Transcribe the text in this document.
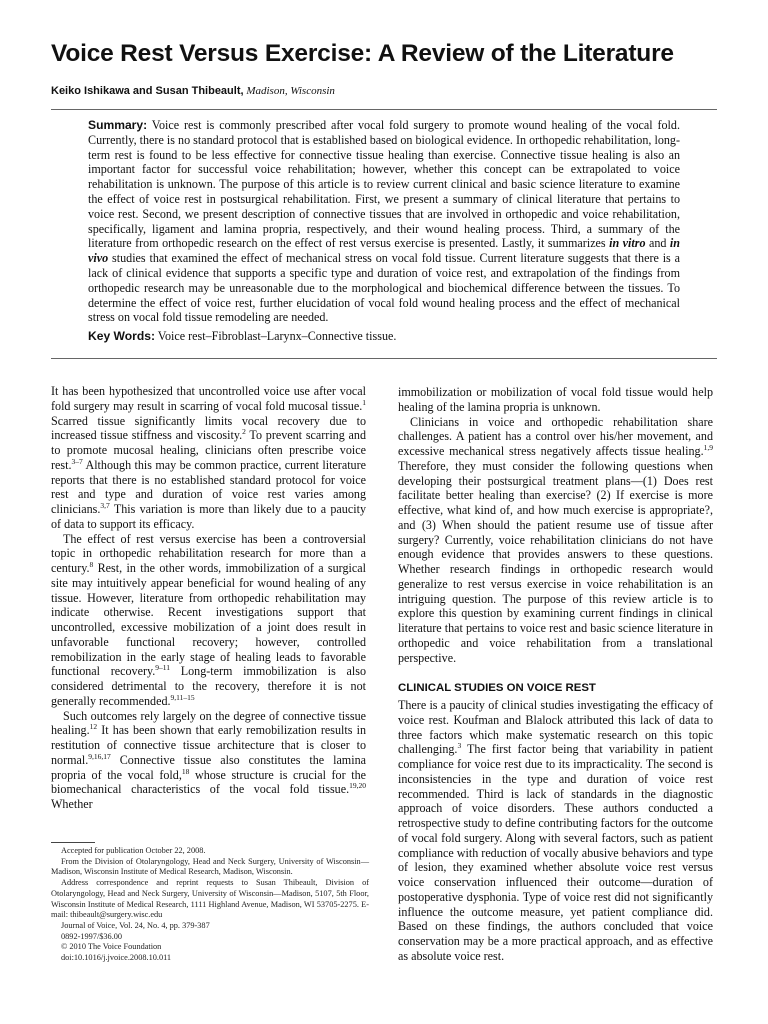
Voice Rest Versus Exercise: A Review of the Literature
Keiko Ishikawa and Susan Thibeault, Madison, Wisconsin
Summary: Voice rest is commonly prescribed after vocal fold surgery to promote wound healing of the vocal fold. Currently, there is no standard protocol that is established based on biological evidence. In orthopedic rehabilitation, long-term rest is found to be less effective for connective tissue healing than exercise. Connective tissue healing is also an important factor for successful voice rehabilitation; however, whether this concept can be extrapolated to voice rehabilitation is unknown. The purpose of this article is to review current clinical and basic science literature to examine the effect of voice rest in postsurgical rehabilitation. First, we present a summary of clinical literature that pertains to voice rest. Second, we present description of connective tissues that are involved in orthopedic and voice rehabilitation, specifically, ligament and lamina propria, respectively, and their wound healing process. Third, a summary of the literature from orthopedic research on the effect of rest versus exercise is presented. Lastly, it summarizes in vitro and in vivo studies that examined the effect of mechanical stress on vocal fold tissue. Current literature suggests that there is a lack of clinical evidence that supports a specific type and duration of voice rest, and extrapolation of the findings from orthopedic research may be unreasonable due to the morphological and biochemical difference between the tissues. To determine the effect of voice rest, further elucidation of vocal fold wound healing process and the effect of mechanical stress on vocal fold tissue remodeling are needed.
Key Words: Voice rest–Fibroblast–Larynx–Connective tissue.

It has been hypothesized that uncontrolled voice use after vocal fold surgery may result in scarring of vocal fold mucosal tissue.$^1$ Scarred tissue significantly limits vocal recovery due to increased tissue stiffness and viscosity.$^2$ To prevent scarring and to promote mucosal healing, clinicians often prescribe voice rest.$^{3-7}$ Although this may be common practice, current literature reports that there is no established standard protocol for voice rest and type and duration of voice rest varies among clinicians.$^{3,7}$ This variation is more than likely due to a paucity of data to support its efficacy.

The effect of rest versus exercise has been a controversial topic in orthopedic rehabilitation research for more than a century.$^8$ Rest, in the other words, immobilization of a surgical site may intuitively appear beneficial for wound healing of any tissue. However, literature from orthopedic rehabilitation may indicate otherwise. Recent investigations support that uncontrolled, excessive mobilization of a joint does result in unfavorable functional recovery; however, controlled remobilization in the early stage of healing leads to favorable functional recovery.$^{9-11}$ Long-term immobilization is also considered detrimental to the recovery, therefore it is not generally recommended.$^{9,11-15}$

Such outcomes rely largely on the degree of connective tissue healing.$^{12}$ It has been shown that early remobilization results in restitution of connective tissue architecture that is closer to normal.$^{9,16,17}$ Connective tissue also constitutes the lamina propria of the vocal fold,$^{18}$ whose structure is crucial for the biomechanical characteristics of the vocal fold tissue.$^{19,20}$ Whether

Accepted for publication October 22, 2008.
From the Division of Otolaryngology, Head and Neck Surgery, University of Wisconsin—Madison, Wisconsin Institute of Medical Research, Madison, Wisconsin.
Address correspondence and reprint requests to Susan Thibeault, Division of Otolaryngology, Head and Neck Surgery, University of Wisconsin—Madison, 5107, 5th Floor, Wisconsin Institute of Medical Research, 1111 Highland Avenue, Madison, WI 53705-2275. E-mail: thibeault@surgery.wisc.edu
Journal of Voice, Vol. 24, No. 4, pp. 379-387
0892-1997/$36.00
© 2010 The Voice Foundation
doi:10.1016/j.jvoice.2008.10.011

immobilization or mobilization of vocal fold tissue would help healing of the lamina propria is unknown.

Clinicians in voice and orthopedic rehabilitation share challenges. A patient has a control over his/her movement, and excessive mechanical stress negatively affects tissue healing.$^{1,9}$ Therefore, they must consider the following questions when developing their postsurgical treatment plans—(1) Does rest facilitate better healing than exercise? (2) If exercise is more effective, what kind of, and how much exercise is appropriate?, and (3) When should the patient resume use of tissue after surgery? Currently, voice rehabilitation clinicians do not have enough evidence that provides answers to these questions. Whether research findings in orthopedic research would generalize to rest versus exercise in voice rehabilitation is an intriguing question. The purpose of this review article is to explore this question by examining current findings in clinical literature that pertains to voice rest and basic science literature in orthopedic and voice rehabilitation from a translational perspective.

CLINICAL STUDIES ON VOICE REST

There is a paucity of clinical studies investigating the efficacy of voice rest. Koufman and Blalock attributed this lack of data to three factors which make systematic research on this topic challenging.$^3$ The first factor being that variability in patient compliance for voice rest due to its impracticality. The second is inconsistencies in the type and duration of voice rest recommended. Third is lack of standards in the diagnostic approach of voice disorders. These authors conducted a retrospective study to define contributing factors for the outcome of vocal fold surgery. Along with several factors, such as patient compliance with reduction of vocally abusive behaviors and type of lesion, they examined whether absolute voice rest versus voice conservation influenced their outcome—duration of postoperative dysphonia. Type of voice rest did not significantly influence the outcome measure, yet patient compliance did. Based on these findings, the authors concluded that voice conservation may be a more practical approach, and as effective as absolute voice rest.
